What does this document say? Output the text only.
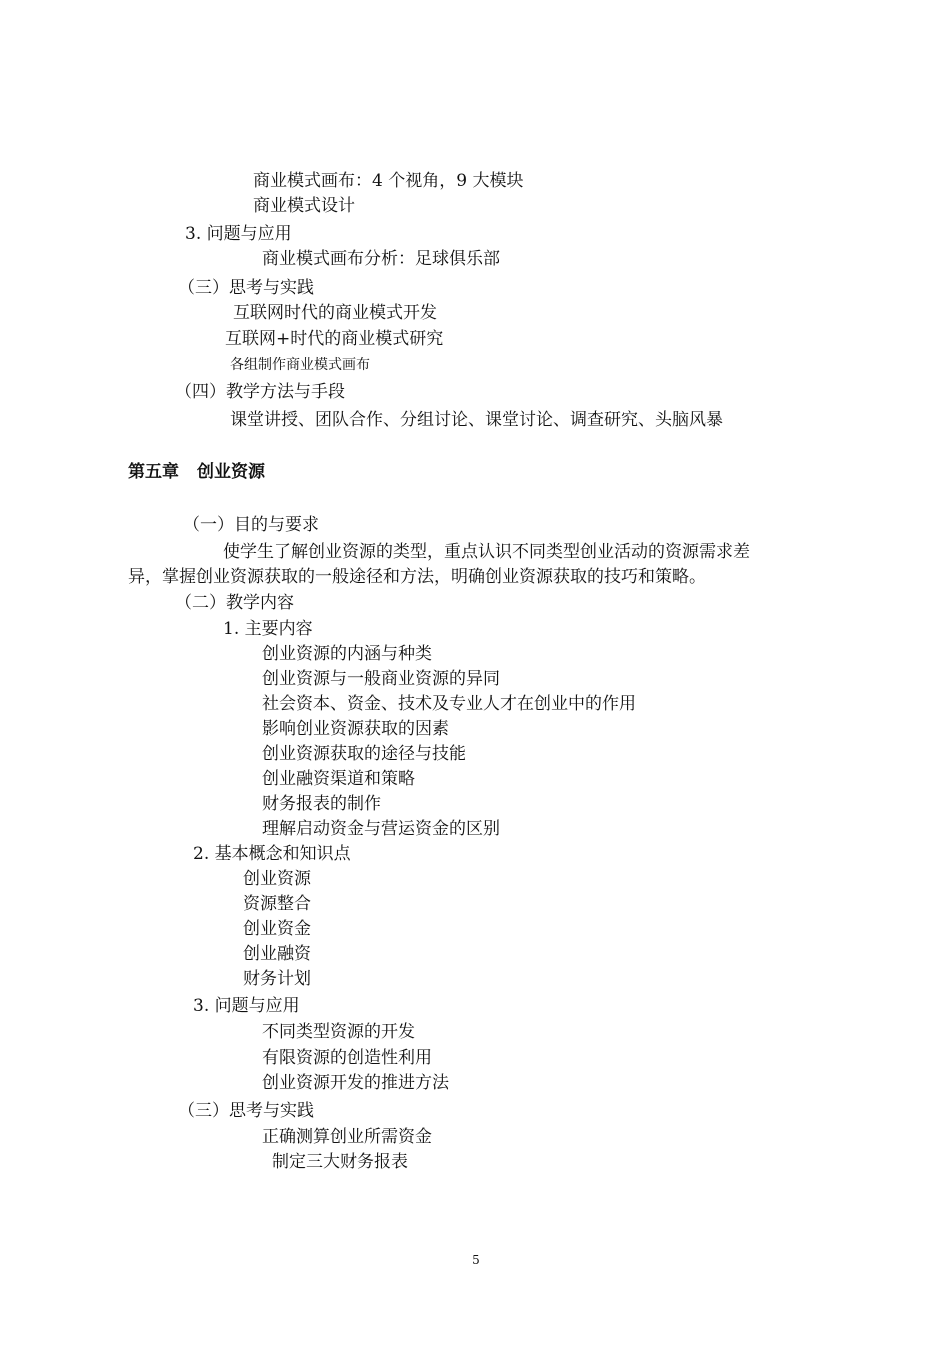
商业模式画布：4 个视角，9 大模块
商业模式设计
3. 问题与应用
商业模式画布分析：足球俱乐部
（三）思考与实践
互联网时代的商业模式开发
互联网+时代的商业模式研究
各组制作商业模式画布
（四）教学方法与手段
课堂讲授、团队合作、分组讨论、课堂讨论、调查研究、头脑风暴
第五章 创业资源
（一）目的与要求
使学生了解创业资源的类型，重点认识不同类型创业活动的资源需求差
异，掌握创业资源获取的一般途径和方法，明确创业资源获取的技巧和策略。
（二）教学内容
1. 主要内容
创业资源的内涵与种类
创业资源与一般商业资源的异同
社会资本、资金、技术及专业人才在创业中的作用
影响创业资源获取的因素
创业资源获取的途径与技能
创业融资渠道和策略
财务报表的制作
理解启动资金与营运资金的区别
2. 基本概念和知识点
创业资源
资源整合
创业资金
创业融资
财务计划
3. 问题与应用
不同类型资源的开发
有限资源的创造性利用
创业资源开发的推进方法
（三）思考与实践
正确测算创业所需资金
制定三大财务报表
5
